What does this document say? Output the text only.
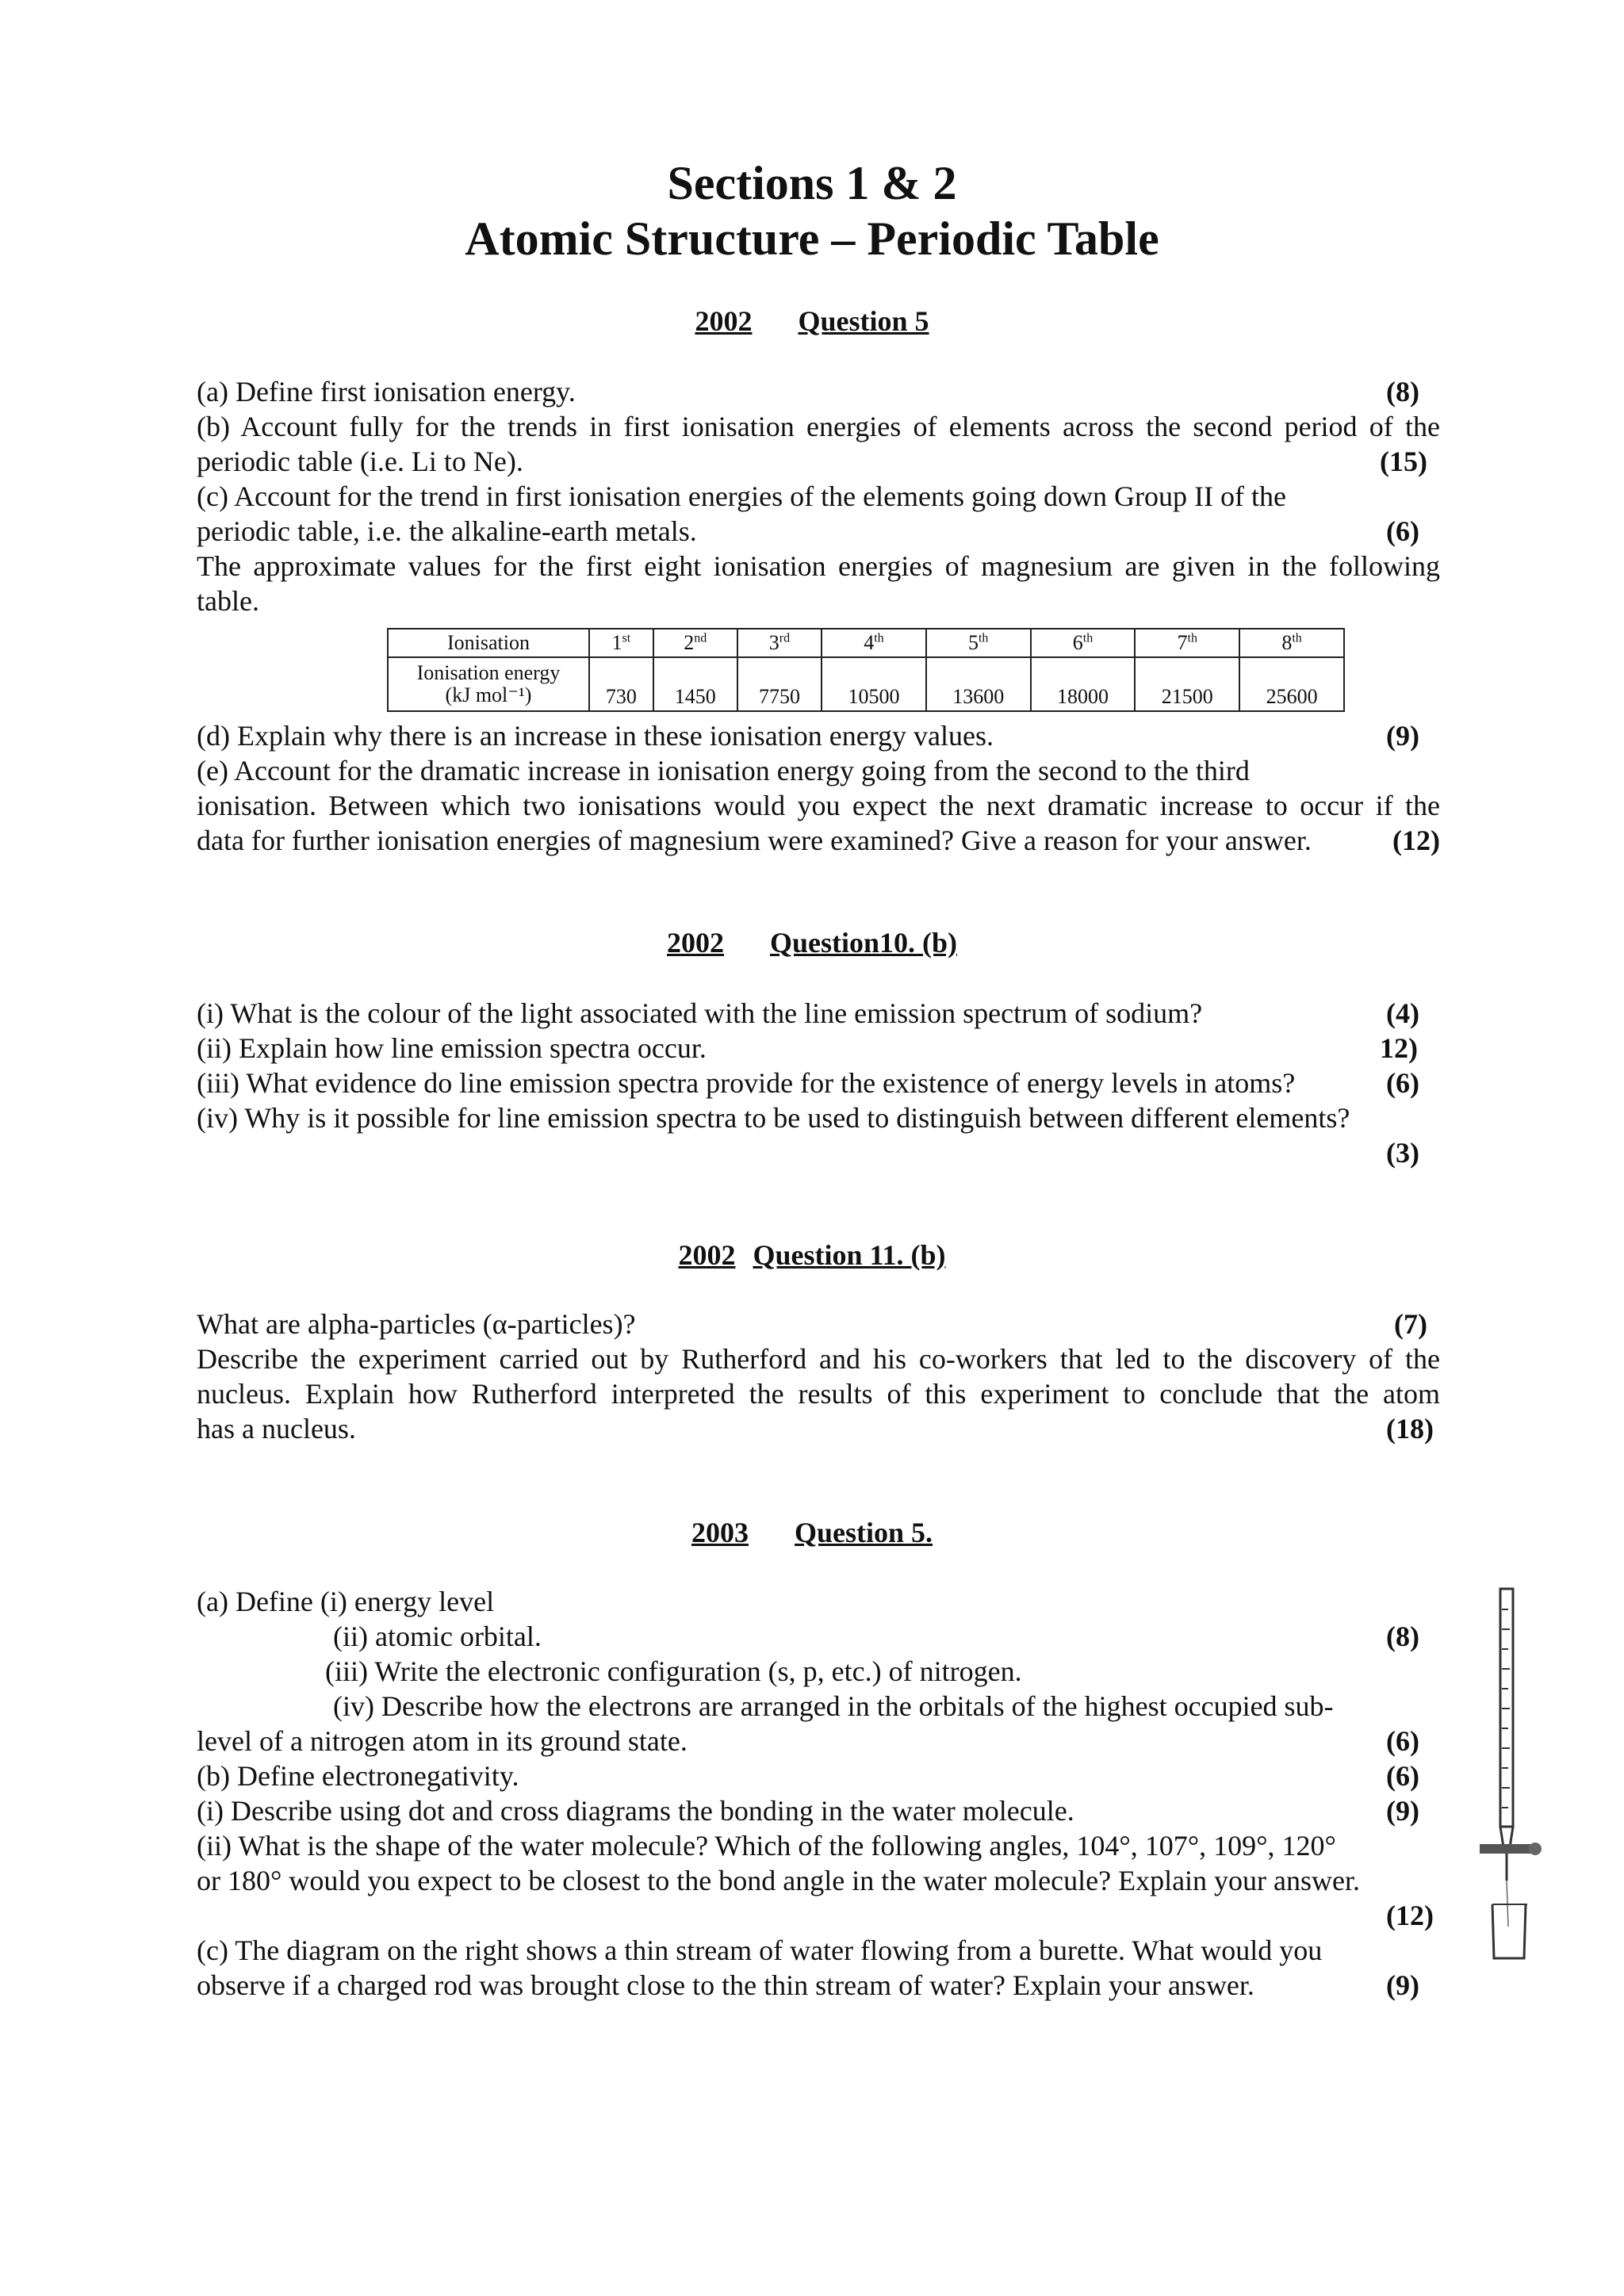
Sections 1 & 2
Atomic Structure – Periodic Table
2002 Question 5
(a) Define first ionisation energy.	(8)
(b) Account fully for the trends in first ionisation energies of elements across the second period of the
periodic table (i.e. Li to Ne).	(15)
(c) Account for the trend in first ionisation energies of the elements going down Group II of the
periodic table, i.e. the alkaline-earth metals.	(6)
The approximate values for the first eight ionisation energies of magnesium are given in the following
table.
Ionisation	1st	2nd	3rd	4th	5th	6th	7th	8th

Ionisation energy
(kJ mol⁻¹)	730	1450	7750	10500	13600	18000	21500	25600
(d) Explain why there is an increase in these ionisation energy values.	(9)
(e) Account for the dramatic increase in ionisation energy going from the second to the third
ionisation. Between which two ionisations would you expect the next dramatic increase to occur if the
data for further ionisation energies of magnesium were examined? Give a reason for your answer.	(12)
2002 Question10. (b)
(i) What is the colour of the light associated with the line emission spectrum of sodium?	(4)
(ii) Explain how line emission spectra occur.	12)
(iii) What evidence do line emission spectra provide for the existence of energy levels in atoms?	(6)
(iv) Why is it possible for line emission spectra to be used to distinguish between different elements?
(3)
2002 Question 11. (b)
What are alpha-particles (α-particles)?	(7)
Describe the experiment carried out by Rutherford and his co-workers that led to the discovery of the
nucleus. Explain how Rutherford interpreted the results of this experiment to conclude that the atom
has a nucleus.	(18)
2003 Question 5.
(a) Define (i) energy level
(ii) atomic orbital.	(8)
(iii) Write the electronic configuration (s, p, etc.) of nitrogen.
(iv) Describe how the electrons are arranged in the orbitals of the highest occupied sub-
level of a nitrogen atom in its ground state.	(6)
(b) Define electronegativity.	(6)
(i) Describe using dot and cross diagrams the bonding in the water molecule.	(9)
(ii) What is the shape of the water molecule? Which of the following angles, 104°, 107°, 109°, 120°
or 180° would you expect to be closest to the bond angle in the water molecule? Explain your answer.
(12)
(c) The diagram on the right shows a thin stream of water flowing from a burette. What would you
observe if a charged rod was brought close to the thin stream of water? Explain your answer.	(9)
